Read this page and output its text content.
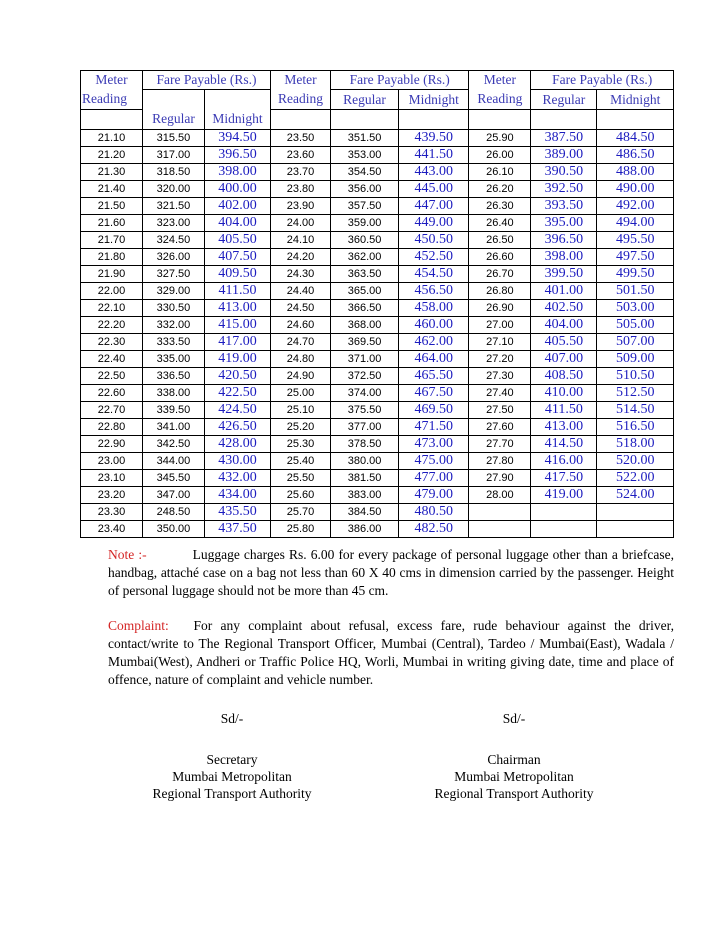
Meter	Fare Payable (Rs.)		Meter	Fare Payable (Rs.)		Meter	Fare Payable (Rs.)	
Reading			Reading	Regular	Midnight	Reading	Regular	Midnight
	Regular	Midnight						
21.10	315.50	394.50	23.50	351.50	439.50	25.90	387.50	484.50
21.20	317.00	396.50	23.60	353.00	441.50	26.00	389.00	486.50
21.30	318.50	398.00	23.70	354.50	443.00	26.10	390.50	488.00
21.40	320.00	400.00	23.80	356.00	445.00	26.20	392.50	490.00
21.50	321.50	402.00	23.90	357.50	447.00	26.30	393.50	492.00
21.60	323.00	404.00	24.00	359.00	449.00	26.40	395.00	494.00
21.70	324.50	405.50	24.10	360.50	450.50	26.50	396.50	495.50
21.80	326.00	407.50	24.20	362.00	452.50	26.60	398.00	497.50
21.90	327.50	409.50	24.30	363.50	454.50	26.70	399.50	499.50
22.00	329.00	411.50	24.40	365.00	456.50	26.80	401.00	501.50
22.10	330.50	413.00	24.50	366.50	458.00	26.90	402.50	503.00
22.20	332.00	415.00	24.60	368.00	460.00	27.00	404.00	505.00
22.30	333.50	417.00	24.70	369.50	462.00	27.10	405.50	507.00
22.40	335.00	419.00	24.80	371.00	464.00	27.20	407.00	509.00
22.50	336.50	420.50	24.90	372.50	465.50	27.30	408.50	510.50
22.60	338.00	422.50	25.00	374.00	467.50	27.40	410.00	512.50
22.70	339.50	424.50	25.10	375.50	469.50	27.50	411.50	514.50
22.80	341.00	426.50	25.20	377.00	471.50	27.60	413.00	516.50
22.90	342.50	428.00	25.30	378.50	473.00	27.70	414.50	518.00
23.00	344.00	430.00	25.40	380.00	475.00	27.80	416.00	520.00
23.10	345.50	432.00	25.50	381.50	477.00	27.90	417.50	522.00
23.20	347.00	434.00	25.60	383.00	479.00	28.00	419.00	524.00
23.30	248.50	435.50	25.70	384.50	480.50			
23.40	350.00	437.50	25.80	386.00	482.50			

Note :-	Luggage charges Rs. 6.00 for every package of personal luggage other than a briefcase, handbag, attaché case on a bag not less than 60 X 40 cms in dimension carried by the passenger. Height of personal luggage should not be more than 45 cm.

Complaint: For any complaint about refusal, excess fare, rude behaviour against the driver, contact/write to The Regional Transport Officer, Mumbai (Central), Tardeo / Mumbai(East), Wadala / Mumbai(West), Andheri or Traffic Police HQ, Worli, Mumbai in writing giving date, time and place of offence, nature of complaint and vehicle number.

Sd/-
Secretary
Mumbai Metropolitan
Regional Transport Authority
Sd/-
Chairman
Mumbai Metropolitan
Regional Transport Authority
